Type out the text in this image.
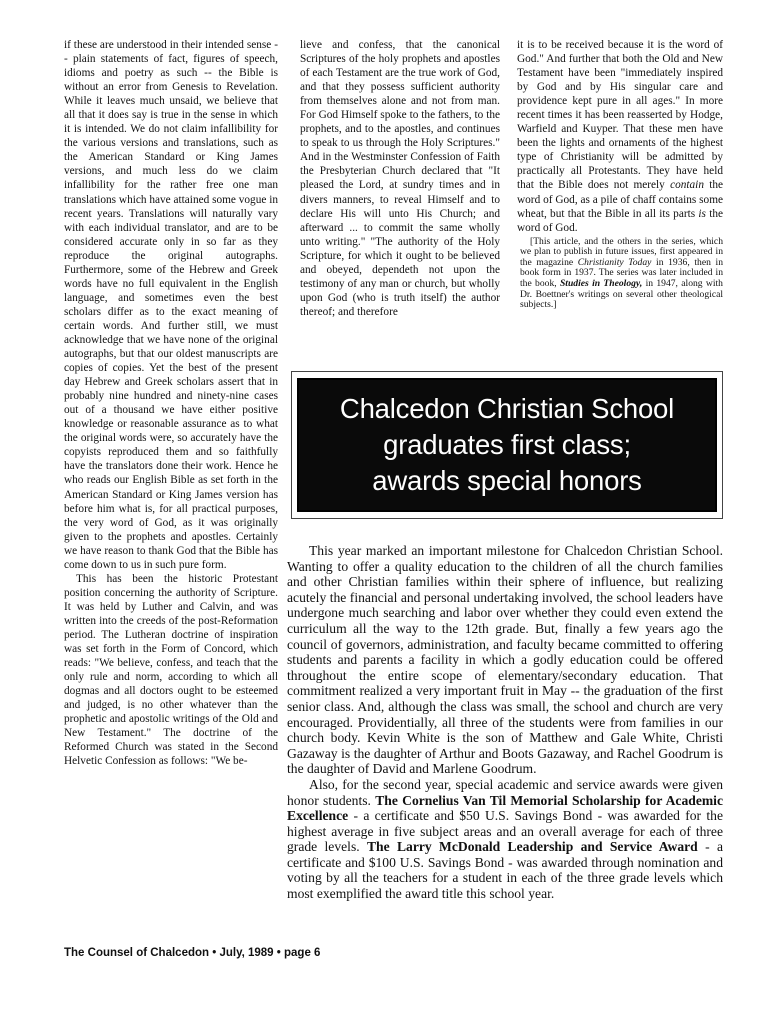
if these are understood in their intended sense -- plain statements of fact, figures of speech, idioms and poetry as such -- the Bible is without an error from Genesis to Revelation. While it leaves much unsaid, we believe that all that it does say is true in the sense in which it is intended. We do not claim infallibility for the various versions and translations, such as the American Standard or King James versions, and much less do we claim infallibility for the rather free one man translations which have attained some vogue in recent years. Translations will naturally vary with each individual translator, and are to be considered accurate only in so far as they reproduce the original autographs. Furthermore, some of the Hebrew and Greek words have no full equivalent in the English language, and sometimes even the best scholars differ as to the exact meaning of certain words. And further still, we must acknowledge that we have none of the original autographs, but that our oldest manuscripts are copies of copies. Yet the best of the present day Hebrew and Greek scholars assert that in probably nine hundred and ninety-nine cases out of a thousand we have either positive knowledge or reasonable assurance as to what the original words were, so accurately have the copyists reproduced them and so faithfully have the translators done their work. Hence he who reads our English Bible as set forth in the American Standard or King James version has before him what is, for all practical purposes, the very word of God, as it was originally given to the prophets and apostles. Certainly we have reason to thank God that the Bible has come down to us in such pure form.

This has been the historic Protestant position concerning the authority of Scripture. It was held by Luther and Calvin, and was written into the creeds of the post-Reformation period. The Lutheran doctrine of inspiration was set forth in the Form of Concord, which reads: "We believe, confess, and teach that the only rule and norm, according to which all dogmas and all doctors ought to be esteemed and judged, is no other whatever than the prophetic and apostolic writings of the Old and New Testament." The doctrine of the Reformed Church was stated in the Second Helvetic Confession as follows: "We be-

lieve and confess, that the canonical Scriptures of the holy prophets and apostles of each Testament are the true work of God, and that they possess sufficient authority from themselves alone and not from man. For God Himself spoke to the fathers, to the prophets, and to the apostles, and continues to speak to us through the Holy Scriptures." And in the Westminster Confession of Faith the Presbyterian Church declared that "It pleased the Lord, at sundry times and in divers manners, to reveal Himself and to declare His will unto His Church; and afterward ... to commit the same wholly unto writing." "The authority of the Holy Scripture, for which it ought to be believed and obeyed, dependeth not upon the testimony of any man or church, but wholly upon God (who is truth itself) the author thereof; and therefore

it is to be received because it is the word of God." And further that both the Old and New Testament have been "immediately inspired by God and by His singular care and providence kept pure in all ages." In more recent times it has been reasserted by Hodge, Warfield and Kuyper. That these men have been the lights and ornaments of the highest type of Christianity will be admitted by practically all Protestants. They have held that the Bible does not merely contain the word of God, as a pile of chaff contains some wheat, but that the Bible in all its parts is the word of God.

[This article, and the others in the series, which we plan to publish in future issues, first appeared in the magazine Christianity Today in 1936, then in book form in 1937. The series was later included in the book, Studies in Theology, in 1947, along with Dr. Boettner's writings on several other theological subjects.]

Chalcedon Christian School
graduates first class;
awards special honors

This year marked an important milestone for Chalcedon Christian School. Wanting to offer a quality education to the children of all the church families and other Christian families within their sphere of influence, but realizing acutely the financial and personal undertaking involved, the school leaders have undergone much searching and labor over whether they could even extend the curriculum all the way to the 12th grade. But, finally a few years ago the council of governors, administration, and faculty became committed to offering students and parents a facility in which a godly education could be offered throughout the entire scope of elementary/secondary education. That commitment realized a very important fruit in May -- the graduation of the first senior class. And, although the class was small, the school and church are very encouraged. Providentially, all three of the students were from families in our church body. Kevin White is the son of Matthew and Gale White, Christi Gazaway is the daughter of Arthur and Boots Gazaway, and Rachel Goodrum is the daughter of David and Marlene Goodrum.

Also, for the second year, special academic and service awards were given honor students. The Cornelius Van Til Memorial Scholarship for Academic Excellence - a certificate and $50 U.S. Savings Bond - was awarded for the highest average in five subject areas and an overall average for each of three grade levels. The Larry McDonald Leadership and Service Award - a certificate and $100 U.S. Savings Bond - was awarded through nomination and voting by all the teachers for a student in each of the three grade levels which most exemplified the award title this school year.

The Counsel of Chalcedon • July, 1989 • page 6
